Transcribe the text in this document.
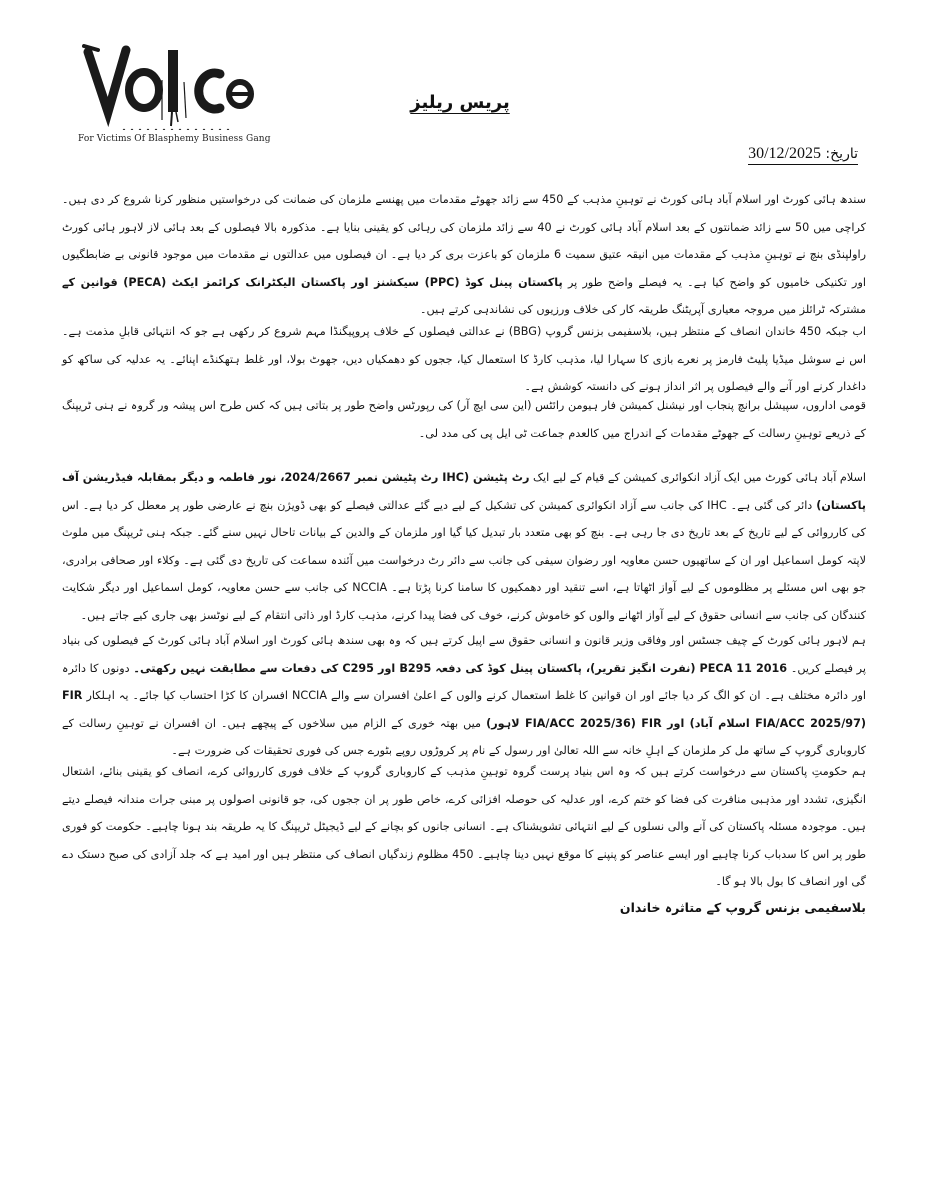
For Victims Of Blasphemy Business Gang
پریس ریلیز
تاریخ: 30/12/2025
سندھ ہائی کورٹ اور اسلام آباد ہائی کورٹ نے توہینِ مذہب کے 450 سے زائد جھوٹے مقدمات میں پھنسے ملزمان کی ضمانت کی درخواستیں منظور کرنا شروع کر دی ہیں۔ کراچی میں 50 سے زائد ضمانتوں کے بعد اسلام آباد ہائی کورٹ نے 40 سے زائد ملزمان کی رہائی کو یقینی بنایا ہے۔ مذکورہ بالا فیصلوں کے بعد ہائی لاز لاہور ہائی کورٹ راولپنڈی بنچ نے توہینِ مذہب کے مقدمات میں انیقہ عتیق سمیت 6 ملزمان کو باعزت بری کر دیا ہے۔ ان فیصلوں میں عدالتوں نے مقدمات میں موجود قانونی بے ضابطگیوں اور تکنیکی خامیوں کو واضح کیا ہے۔ یہ فیصلے واضح طور پر پاکستان پینل کوڈ (PPC) سیکشنز اور پاکستان الیکٹرانک کرائمز ایکٹ (PECA) قوانین کے مشترکہ ٹرائلز میں مروجہ معیاری آپریٹنگ طریقہ کار کی خلاف ورزیوں کی نشاندہی کرتے ہیں۔
اب جبکہ 450 خاندان انصاف کے منتظر ہیں، بلاسفیمی بزنس گروپ (BBG) نے عدالتی فیصلوں کے خلاف پروپیگنڈا مہم شروع کر رکھی ہے جو کہ انتہائی قابلِ مذمت ہے۔ اس نے سوشل میڈیا پلیٹ فارمز پر نعرے بازی کا سہارا لیا، مذہب کارڈ کا استعمال کیا، ججوں کو دھمکیاں دیں، جھوٹ بولا، اور غلط ہتھکنڈے اپنائے۔ یہ عدلیہ کی ساکھ کو داغدار کرنے اور آنے والے فیصلوں پر اثر انداز ہونے کی دانستہ کوشش ہے۔
قومی اداروں، سپیشل برانچ پنجاب اور نیشنل کمیشن فار ہیومن رائٹس (این سی ایچ آر) کی رپورٹس واضح طور پر بتاتی ہیں کہ کس طرح اس پیشہ ور گروہ نے ہنی ٹریپنگ کے ذریعے توہینِ رسالت کے جھوٹے مقدمات کے اندراج میں کالعدم جماعت ٹی ایل پی کی مدد لی۔
اسلام آباد ہائی کورٹ میں ایک آزاد انکوائری کمیشن کے قیام کے لیے ایک رٹ پٹیشن (IHC رٹ پٹیشن نمبر 2024/2667، نور فاطمہ و دیگر بمقابلہ فیڈریشن آف پاکستان) دائر کی گئی ہے۔ IHC کی جانب سے آزاد انکوائری کمیشن کی تشکیل کے لیے دیے گئے عدالتی فیصلے کو بھی ڈویژن بنچ نے عارضی طور پر معطل کر دیا ہے۔ اس کی کارروائی کے لیے تاریخ کے بعد تاریخ دی جا رہی ہے۔ بنچ کو بھی متعدد بار تبدیل کیا گیا اور ملزمان کے والدین کے بیانات تاحال نہیں سنے گئے۔ جبکہ ہنی ٹریپنگ میں ملوث لاپتہ کومل اسماعیل اور ان کے ساتھیوں حسن معاویہ اور رضوان سیفی کی جانب سے دائر رٹ درخواست میں آئندہ سماعت کی تاریخ دی گئی ہے۔ وکلاء اور صحافی برادری، جو بھی اس مسئلے پر مظلوموں کے لیے آواز اٹھاتا ہے، اسے تنقید اور دھمکیوں کا سامنا کرنا پڑتا ہے۔ NCCIA کی جانب سے حسن معاویہ، کومل اسماعیل اور دیگر شکایت کنندگان کی جانب سے انسانی حقوق کے لیے آواز اٹھانے والوں کو خاموش کرنے، خوف کی فضا پیدا کرنے، مذہب کارڈ اور ذاتی انتقام کے لیے نوٹسز بھی جاری کیے جاتے ہیں۔
ہم لاہور ہائی کورٹ کے چیف جسٹس اور وفاقی وزیر قانون و انسانی حقوق سے اپیل کرتے ہیں کہ وہ بھی سندھ ہائی کورٹ اور اسلام آباد ہائی کورٹ کے فیصلوں کی بنیاد پر فیصلے کریں۔ PECA 11 2016 (نفرت انگیز تقریر)، پاکستان پینل کوڈ کی دفعہ B295 اور C295 کی دفعات سے مطابقت نہیں رکھتی۔ دونوں کا دائرہ اور دائرہ مختلف ہے۔ ان کو الگ کر دیا جائے اور ان قوانین کا غلط استعمال کرنے والوں کے اعلیٰ افسران سے والے NCCIA افسران کا کڑا احتساب کیا جائے۔ یہ اہلکار FIR (FIA/ACC 2025/97 اسلام آباد) اور FIR (FIA/ACC 2025/36 لاہور) میں بھتہ خوری کے الزام میں سلاخوں کے پیچھے ہیں۔ ان افسران نے توہینِ رسالت کے کاروباری گروپ کے ساتھ مل کر ملزمان کے اہلِ خانہ سے اللہ تعالیٰ اور رسول کے نام پر کروڑوں روپے بٹورے جس کی فوری تحقیقات کی ضرورت ہے۔
ہم حکومتِ پاکستان سے درخواست کرتے ہیں کہ وہ اس بنیاد پرست گروہ توہینِ مذہب کے کاروباری گروپ کے خلاف فوری کارروائی کرے، انصاف کو یقینی بنائے، اشتعال انگیزی، تشدد اور مذہبی منافرت کی فضا کو ختم کرے، اور عدلیہ کی حوصلہ افزائی کرے، خاص طور پر ان ججوں کی، جو قانونی اصولوں پر مبنی جرات مندانہ فیصلے دیتے ہیں۔ موجودہ مسئلہ پاکستان کی آنے والی نسلوں کے لیے انتہائی تشویشناک ہے۔ انسانی جانوں کو بچانے کے لیے ڈیجیٹل ٹریپنگ کا یہ طریقہ بند ہونا چاہیے۔ حکومت کو فوری طور پر اس کا سدباب کرنا چاہیے اور ایسے عناصر کو پنپنے کا موقع نہیں دینا چاہیے۔ 450 مظلوم زندگیاں انصاف کی منتظر ہیں اور امید ہے کہ جلد آزادی کی صبح دستک دے گی اور انصاف کا بول بالا ہو گا۔
بلاسفیمی بزنس گروپ کے متاثرہ خاندان
